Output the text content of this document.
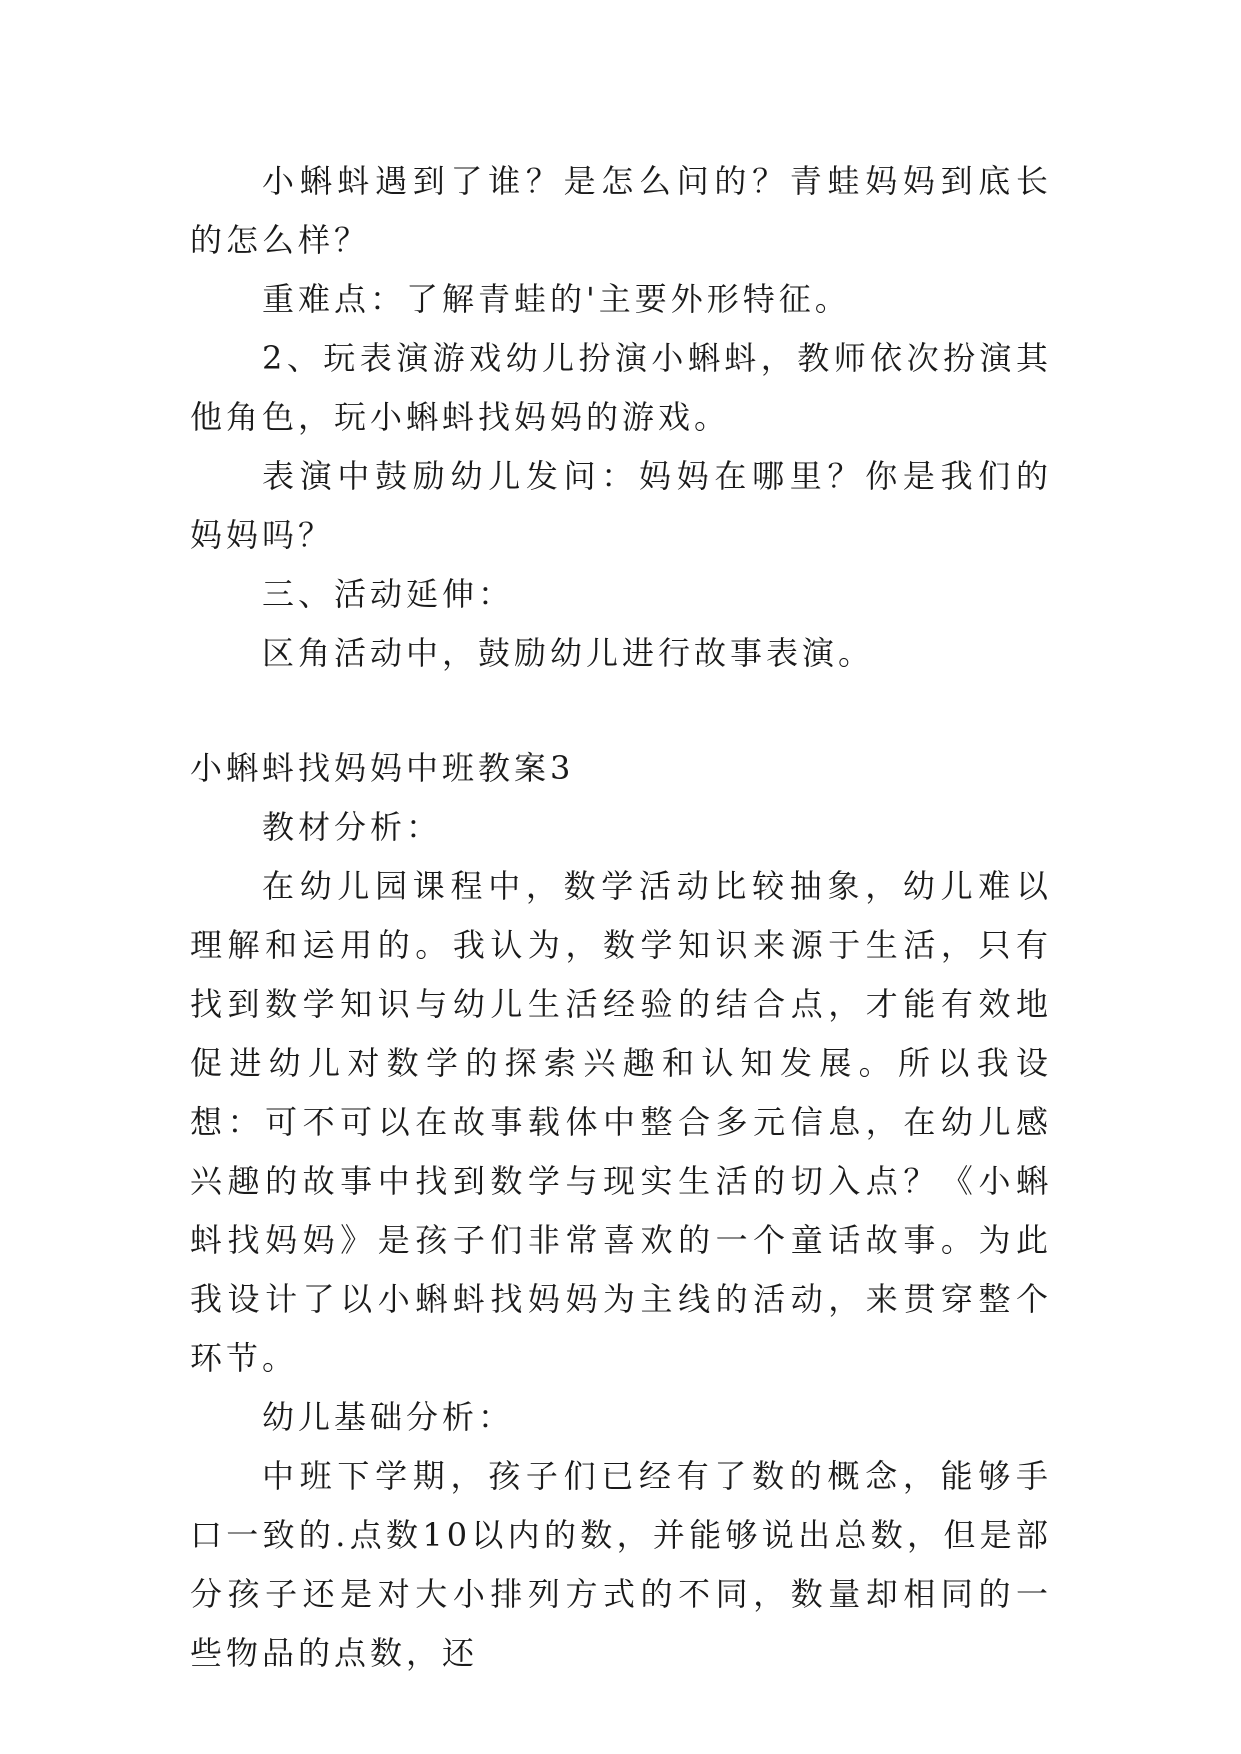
小蝌蚪遇到了谁？是怎么问的？青蛙妈妈到底长的怎么样？

重难点：了解青蛙的'主要外形特征。

2、玩表演游戏幼儿扮演小蝌蚪，教师依次扮演其他角色，玩小蝌蚪找妈妈的游戏。

表演中鼓励幼儿发问：妈妈在哪里？你是我们的妈妈吗？

三、活动延伸：

区角活动中，鼓励幼儿进行故事表演。

小蝌蚪找妈妈中班教案3

教材分析：

在幼儿园课程中，数学活动比较抽象，幼儿难以理解和运用的。我认为，数学知识来源于生活，只有找到数学知识与幼儿生活经验的结合点，才能有效地促进幼儿对数学的探索兴趣和认知发展。所以我设想：可不可以在故事载体中整合多元信息，在幼儿感兴趣的故事中找到数学与现实生活的切入点？《小蝌蚪找妈妈》是孩子们非常喜欢的一个童话故事。为此我设计了以小蝌蚪找妈妈为主线的活动，来贯穿整个环节。

幼儿基础分析：

中班下学期，孩子们已经有了数的概念，能够手口一致的.点数10以内的数，并能够说出总数，但是部分孩子还是对大小排列方式的不同，数量却相同的一些物品的点数，还
